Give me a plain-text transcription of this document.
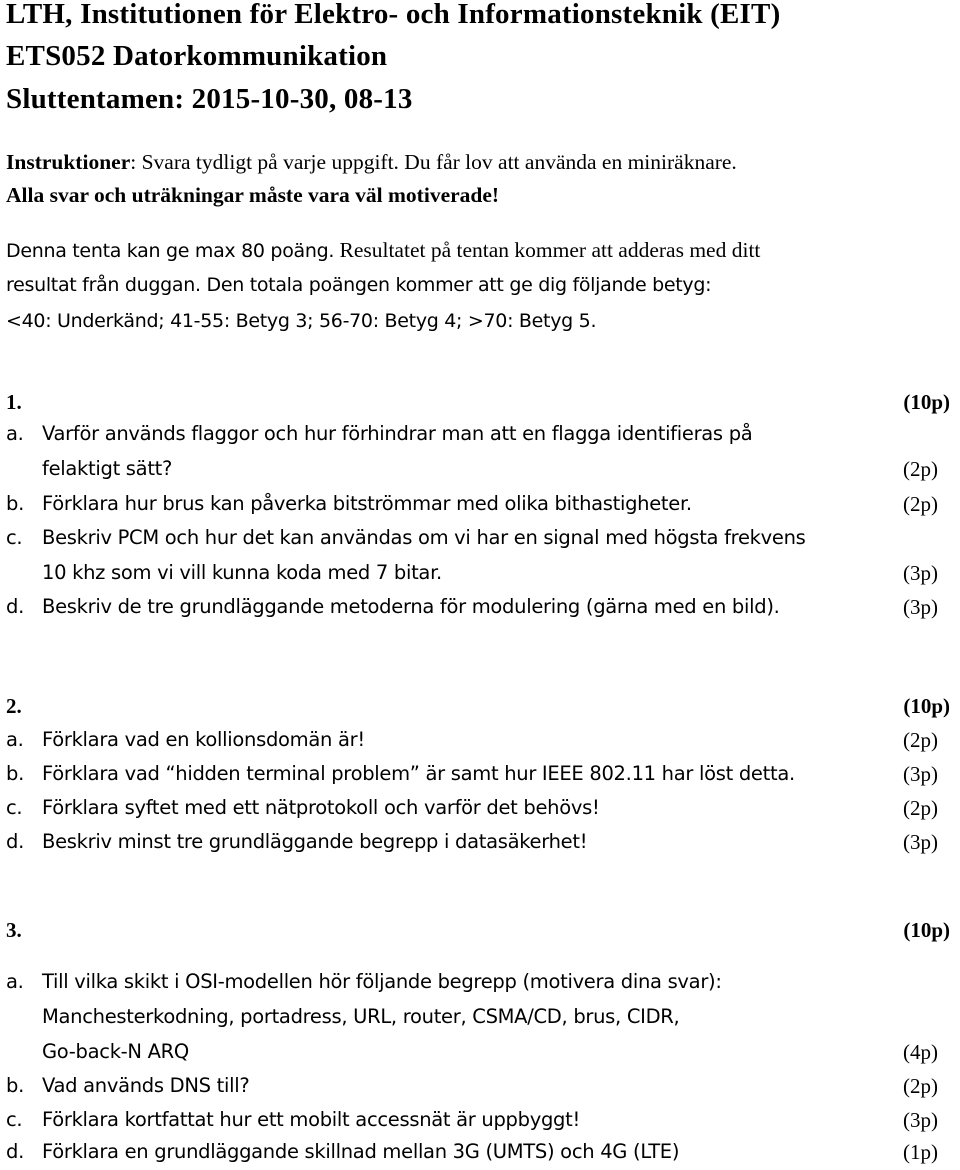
LTH, Institutionen för Elektro- och Informationsteknik (EIT)
ETS052 Datorkommunikation
Sluttentamen: 2015-10-30, 08-13
Instruktioner: Svara tydligt på varje uppgift. Du får lov att använda en miniräknare.
Alla svar och uträkningar måste vara väl motiverade!
Denna tenta kan ge max 80 poäng. Resultatet på tentan kommer att adderas med ditt
resultat från duggan. Den totala poängen kommer att ge dig följande betyg:
<40: Underkänd; 41-55: Betyg 3; 56-70: Betyg 4; >70: Betyg 5.
1.	(10p)
a. Varför används flaggor och hur förhindrar man att en flagga identifieras på
felaktigt sätt?	(2p)
b. Förklara hur brus kan påverka bitströmmar med olika bithastigheter.	(2p)
c. Beskriv PCM och hur det kan användas om vi har en signal med högsta frekvens
10 khz som vi vill kunna koda med 7 bitar.	(3p)
d. Beskriv de tre grundläggande metoderna för modulering (gärna med en bild).	(3p)
2.	(10p)
a. Förklara vad en kollionsdomän är!	(2p)
b. Förklara vad “hidden terminal problem” är samt hur IEEE 802.11 har löst detta.	(3p)
c. Förklara syftet med ett nätprotokoll och varför det behövs!	(2p)
d. Beskriv minst tre grundläggande begrepp i datasäkerhet!	(3p)
3.	(10p)
a. Till vilka skikt i OSI-modellen hör följande begrepp (motivera dina svar):
Manchesterkodning, portadress, URL, router, CSMA/CD, brus, CIDR,
Go-back-N ARQ	(4p)
b. Vad används DNS till?	(2p)
c. Förklara kortfattat hur ett mobilt accessnät är uppbyggt!	(3p)
d. Förklara en grundläggande skillnad mellan 3G (UMTS) och 4G (LTE)	(1p)
